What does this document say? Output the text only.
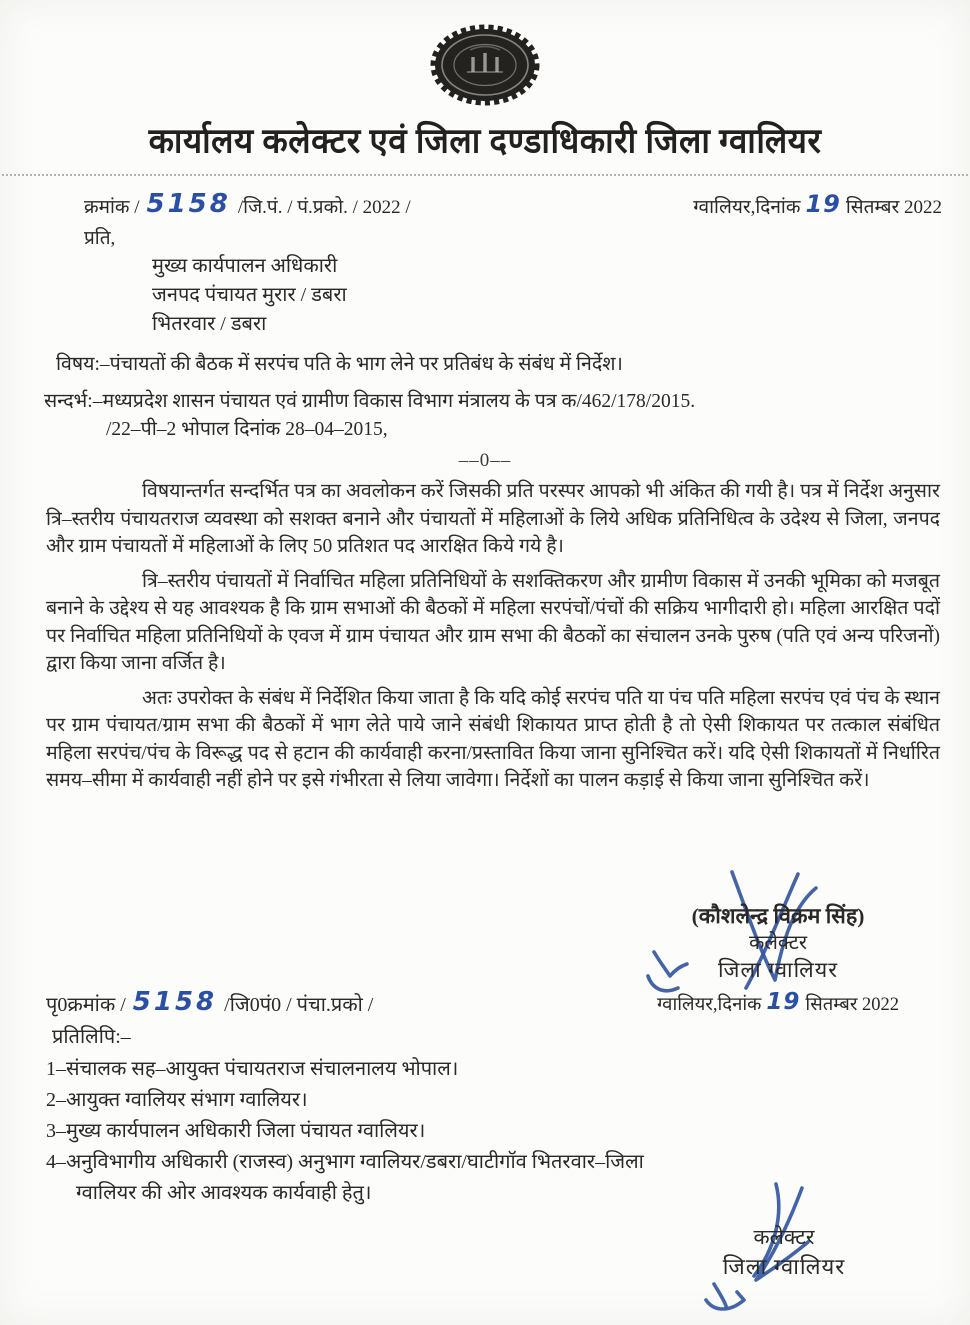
कार्यालय कलेक्टर एवं जिला दण्डाधिकारी जिला ग्वालियर
क्रमांक / 5158 /जि.पं. / पं.प्रको. / 2022 /	ग्वालियर,दिनांक 19 सितम्बर 2022
प्रति,
मुख्य कार्यपालन अधिकारी
जनपद पंचायत मुरार / डबरा
भितरवार / डबरा
विषय:–पंचायतों की बैठक में सरपंच पति के भाग लेने पर प्रतिबंध के संबंध में निर्देश।
सन्दर्भ:–मध्यप्रदेश शासन पंचायत एवं ग्रामीण विकास विभाग मंत्रालय के पत्र क/462/178/2015.
/22–पी–2 भोपाल दिनांक 28–04–2015,
––0––

विषयान्तर्गत सन्दर्भित पत्र का अवलोकन करें जिसकी प्रति परस्पर आपको भी अंकित की गयी है। पत्र में निर्देश अनुसार त्रि–स्तरीय पंचायतराज व्यवस्था को सशक्त बनाने और पंचायतों में महिलाओं के लिये अधिक प्रतिनिधित्व के उदेश्य से जिला, जनपद और ग्राम पंचायतों में महिलाओं के लिए 50 प्रतिशत पद आरक्षित किये गये है।

त्रि–स्तरीय पंचायतों में निर्वाचित महिला प्रतिनिधियों के सशक्तिकरण और ग्रामीण विकास में उनकी भूमिका को मजबूत बनाने के उद्देश्य से यह आवश्यक है कि ग्राम सभाओं की बैठकों में महिला सरपंचों/पंचों की सक्रिय भागीदारी हो। महिला आरक्षित पदों पर निर्वाचित महिला प्रतिनिधियों के एवज में ग्राम पंचायत और ग्राम सभा की बैठकों का संचालन उनके पुरुष (पति एवं अन्य परिजनों) द्वारा किया जाना वर्जित है।

अतः उपरोक्त के संबंध में निर्देशित किया जाता है कि यदि कोई सरपंच पति या पंच पति महिला सरपंच एवं पंच के स्थान पर ग्राम पंचायत/ग्राम सभा की बैठकों में भाग लेते पाये जाने संबंधी शिकायत प्राप्त होती है तो ऐसी शिकायत पर तत्काल संबंधित महिला सरपंच/पंच के विरूद्ध पद से हटान की कार्यवाही करना/प्रस्तावित किया जाना सुनिश्चित करें। यदि ऐसी शिकायतों में निर्धारित समय–सीमा में कार्यवाही नहीं होने पर इसे गंभीरता से लिया जावेगा। निर्देशों का पालन कड़ाई से किया जाना सुनिश्चित करें।

(कौशलेन्द्र विक्रम सिंह)
कलेक्टर
जिला ग्वालियर
ग्वालियर,दिनांक 19 सितम्बर 2022
पृ0क्रमांक / 5158 /जि0पं0 / पंचा.प्रको /
प्रतिलिपि:–
1–संचालक सह–आयुक्त पंचायतराज संचालनालय भोपाल।
2–आयुक्त ग्वालियर संभाग ग्वालियर।
3–मुख्य कार्यपालन अधिकारी जिला पंचायत ग्वालियर।
4–अनुविभागीय अधिकारी (राजस्व) अनुभाग ग्वालियर/डबरा/घाटीगॉव भितरवार–जिला ग्वालियर की ओर आवश्यक कार्यवाही हेतु।
कलेक्टर
जिला ग्वालियर
